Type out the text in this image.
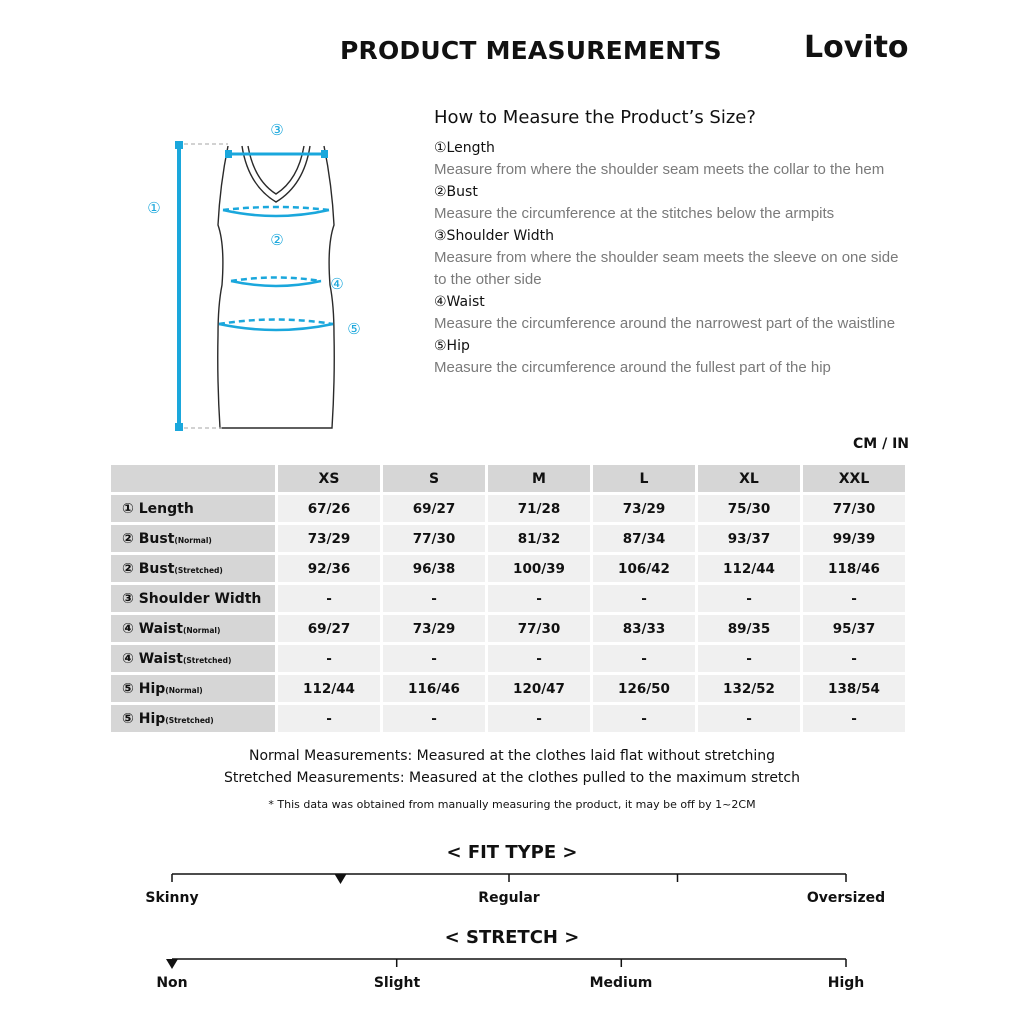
PRODUCT MEASUREMENTS	Lovito
①
②
③
④
⑤
How to Measure the Product’s Size?
①Length
Measure from where the shoulder seam meets the collar to the hem
②Bust
Measure the circumference at the stitches below the armpits
③Shoulder Width
Measure from where the shoulder seam meets the sleeve on one side to the other side
④Waist
Measure the circumference around the narrowest part of the waistline
⑤Hip
Measure the circumference around the fullest part of the hip
CM / IN
	XS	S	M	L	XL	XXL
① Length	67/26	69/27	71/28	73/29	75/30	77/30
② Bust(Normal)	73/29	77/30	81/32	87/34	93/37	99/39
② Bust(Stretched)	92/36	96/38	100/39	106/42	112/44	118/46
③ Shoulder Width	-	-	-	-	-	-
④ Waist(Normal)	69/27	73/29	77/30	83/33	89/35	95/37
④ Waist(Stretched)	-	-	-	-	-	-
⑤ Hip(Normal)	112/44	116/46	120/47	126/50	132/52	138/54
⑤ Hip(Stretched)	-	-	-	-	-	-
Normal Measurements: Measured at the clothes laid flat without stretching
Stretched Measurements: Measured at the clothes pulled to the maximum stretch
* This data was obtained from manually measuring the product, it may be off by 1~2CM
< FIT TYPE >
Skinny	Regular	Oversized
< STRETCH >
Non	Slight	Medium	High
